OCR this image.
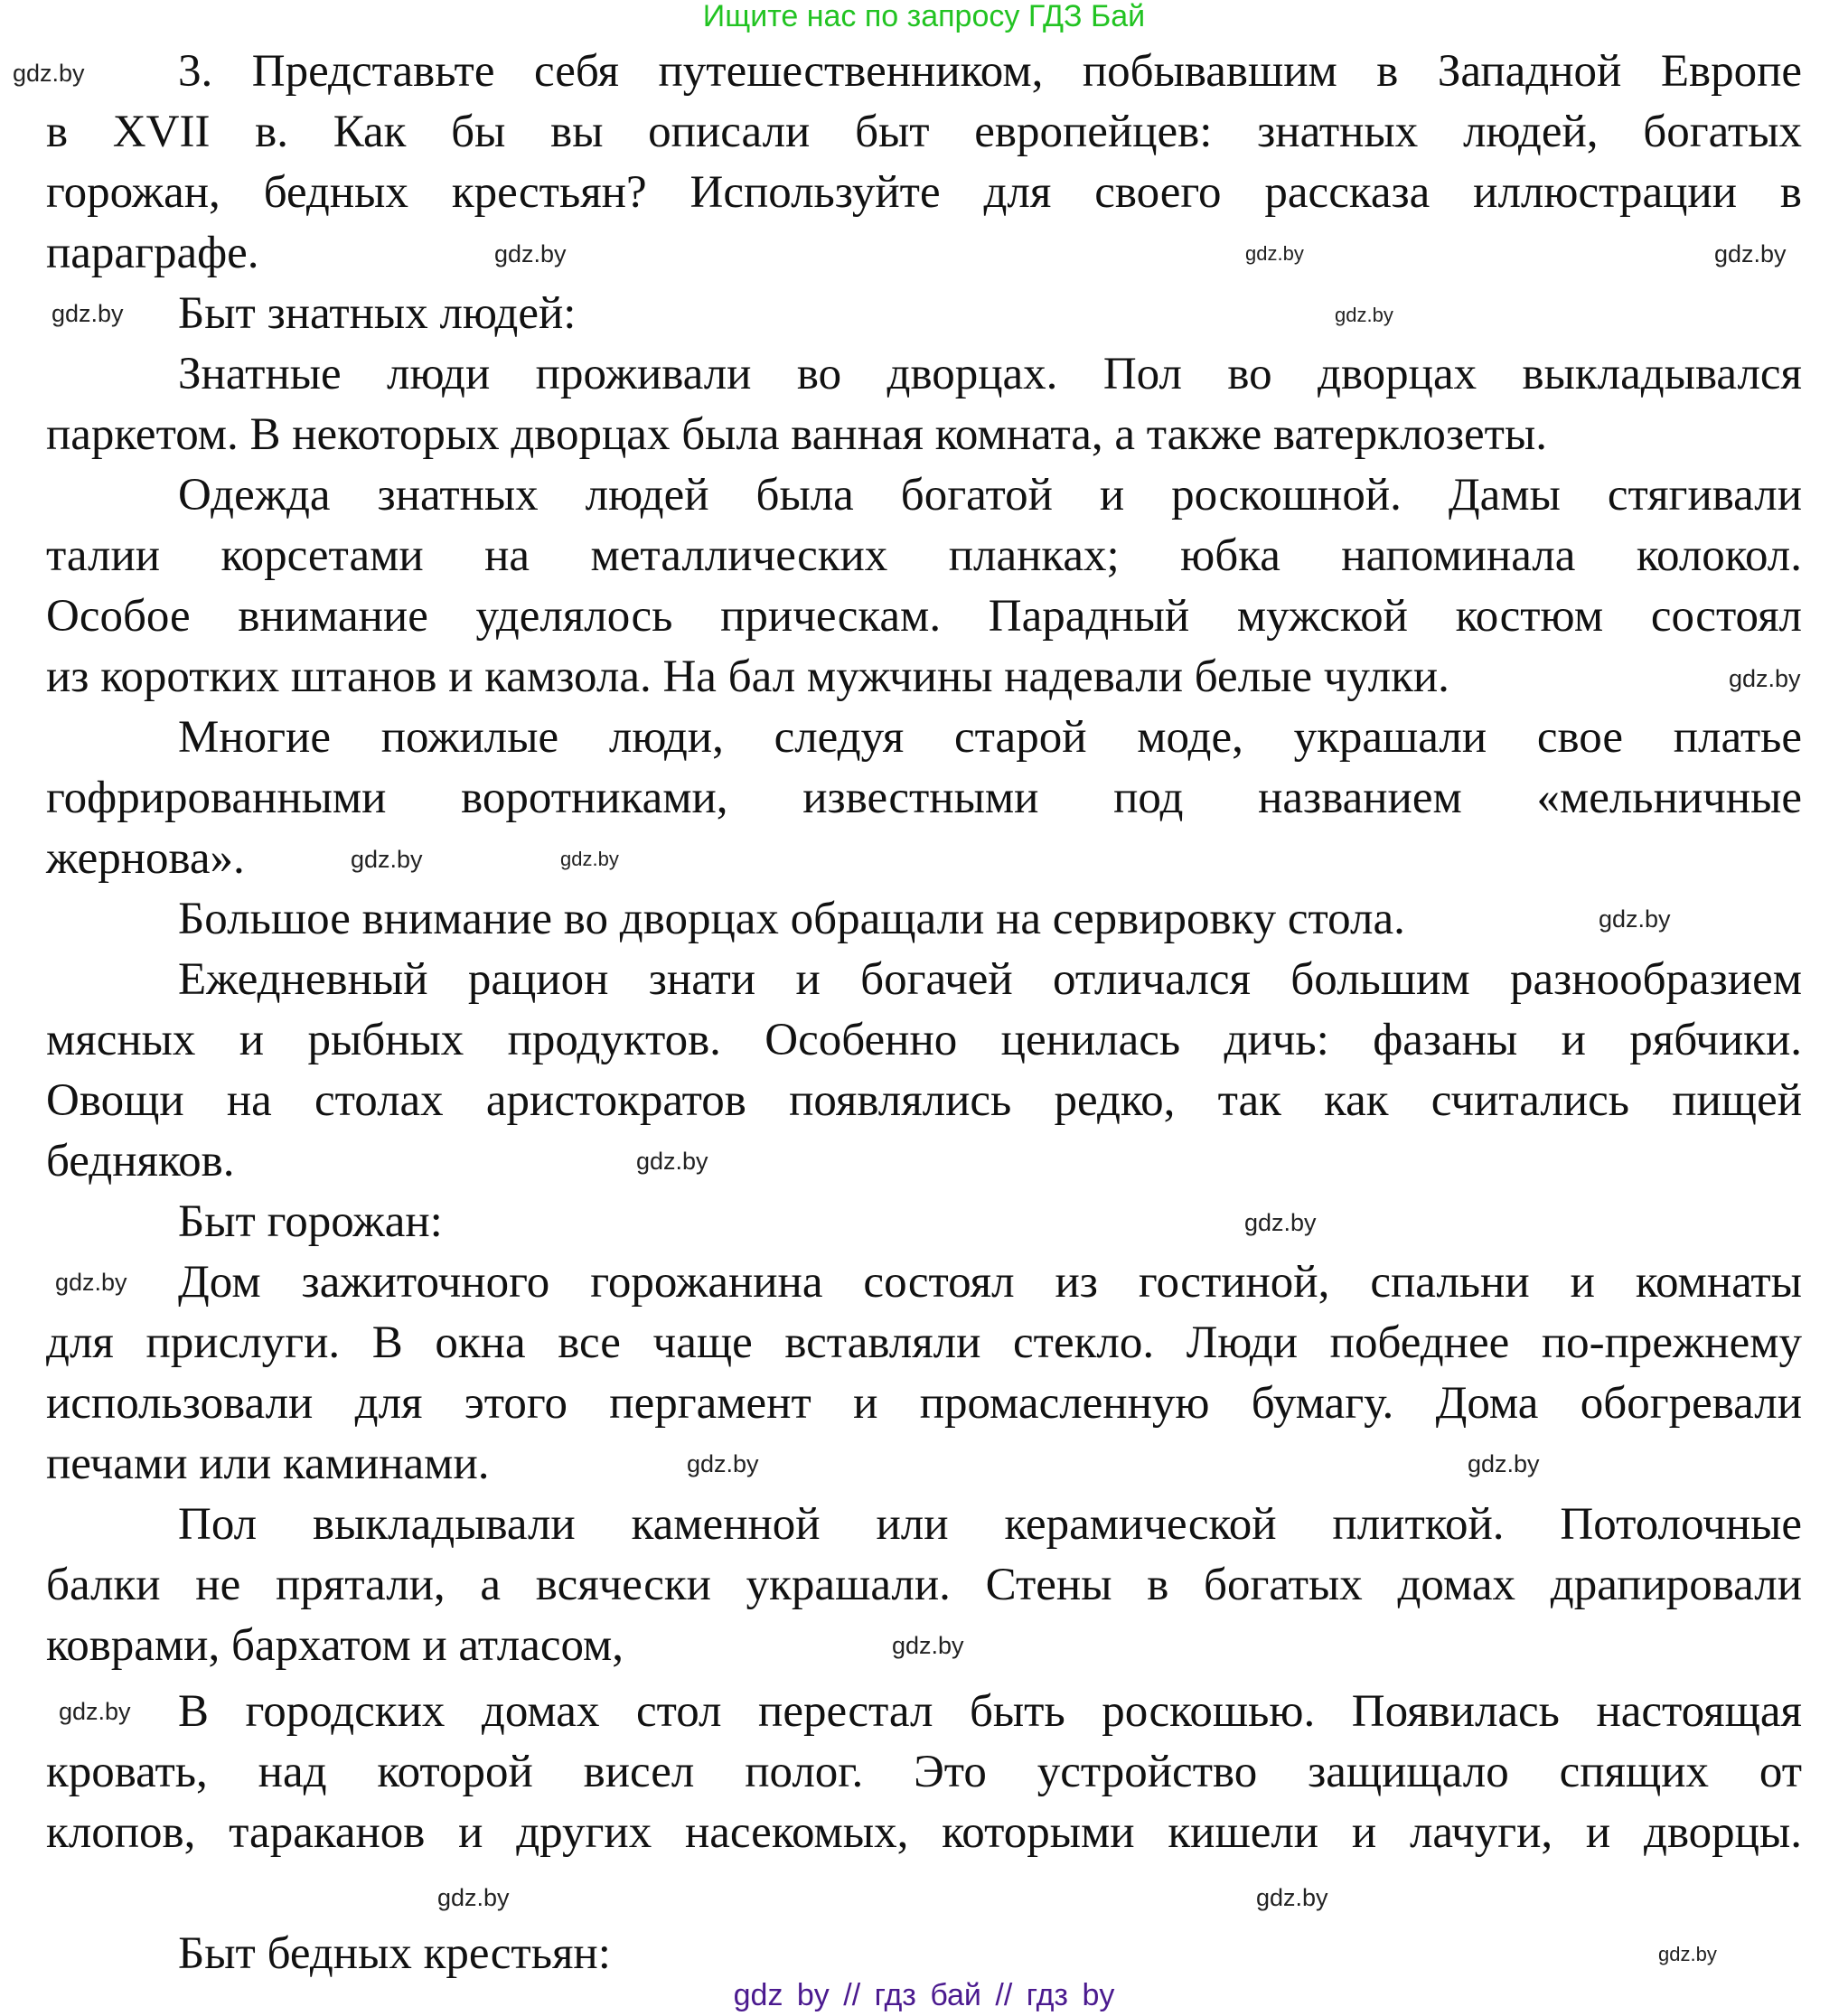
Ищите нас по запросу ГДЗ Бай
3. Представьте себя путешественником, побывавшим в Западной Европе
в XVII в. Как бы вы описали быт европейцев: знатных людей, богатых
горожан, бедных крестьян? Используйте для своего рассказа иллюстрации в
параграфе.
Быт знатных людей:
Знатные люди проживали во дворцах. Пол во дворцах выкладывался
паркетом. В некоторых дворцах была ванная комната, а также ватерклозеты.
Одежда знатных людей была богатой и роскошной. Дамы стягивали
талии корсетами на металлических планках; юбка напоминала колокол.
Особое внимание уделялось прическам. Парадный мужской костюм состоял
из коротких штанов и камзола. На бал мужчины надевали белые чулки.
Многие пожилые люди, следуя старой моде, украшали свое платье
гофрированными воротниками, известными под названием «мельничные
жернова».
Большое внимание во дворцах обращали на сервировку стола.
Ежедневный рацион знати и богачей отличался большим разнообразием
мясных и рыбных продуктов. Особенно ценилась дичь: фазаны и рябчики.
Овощи на столах аристократов появлялись редко, так как считались пищей
бедняков.
Быт горожан:
Дом зажиточного горожанина состоял из гостиной, спальни и комнаты
для прислуги. В окна все чаще вставляли стекло. Люди победнее по-прежнему
использовали для этого пергамент и промасленную бумагу. Дома обогревали
печами или каминами.
Пол выкладывали каменной или керамической плиткой. Потолочные
балки не прятали, а всячески украшали. Стены в богатых домах драпировали
коврами, бархатом и атласом,
В городских домах стол перестал быть роскошью. Появилась настоящая
кровать, над которой висел полог. Это устройство защищало спящих от
клопов, тараканов и других насекомых, которыми кишели и лачуги, и дворцы.
Быт бедных крестьян:
gdz.by
gdz.by	gdz.by
gdz.by
gdz.by	gdz.by
gdz.by
gdz.by
gdz.by
gdz.by
gdz.by
gdz.by
gdz.by
gdz.by
gdz.by
gdz.by
gdz.by
gdz.by
gdz.by
gdz.by
gdz by // гдз бай // гдз by
